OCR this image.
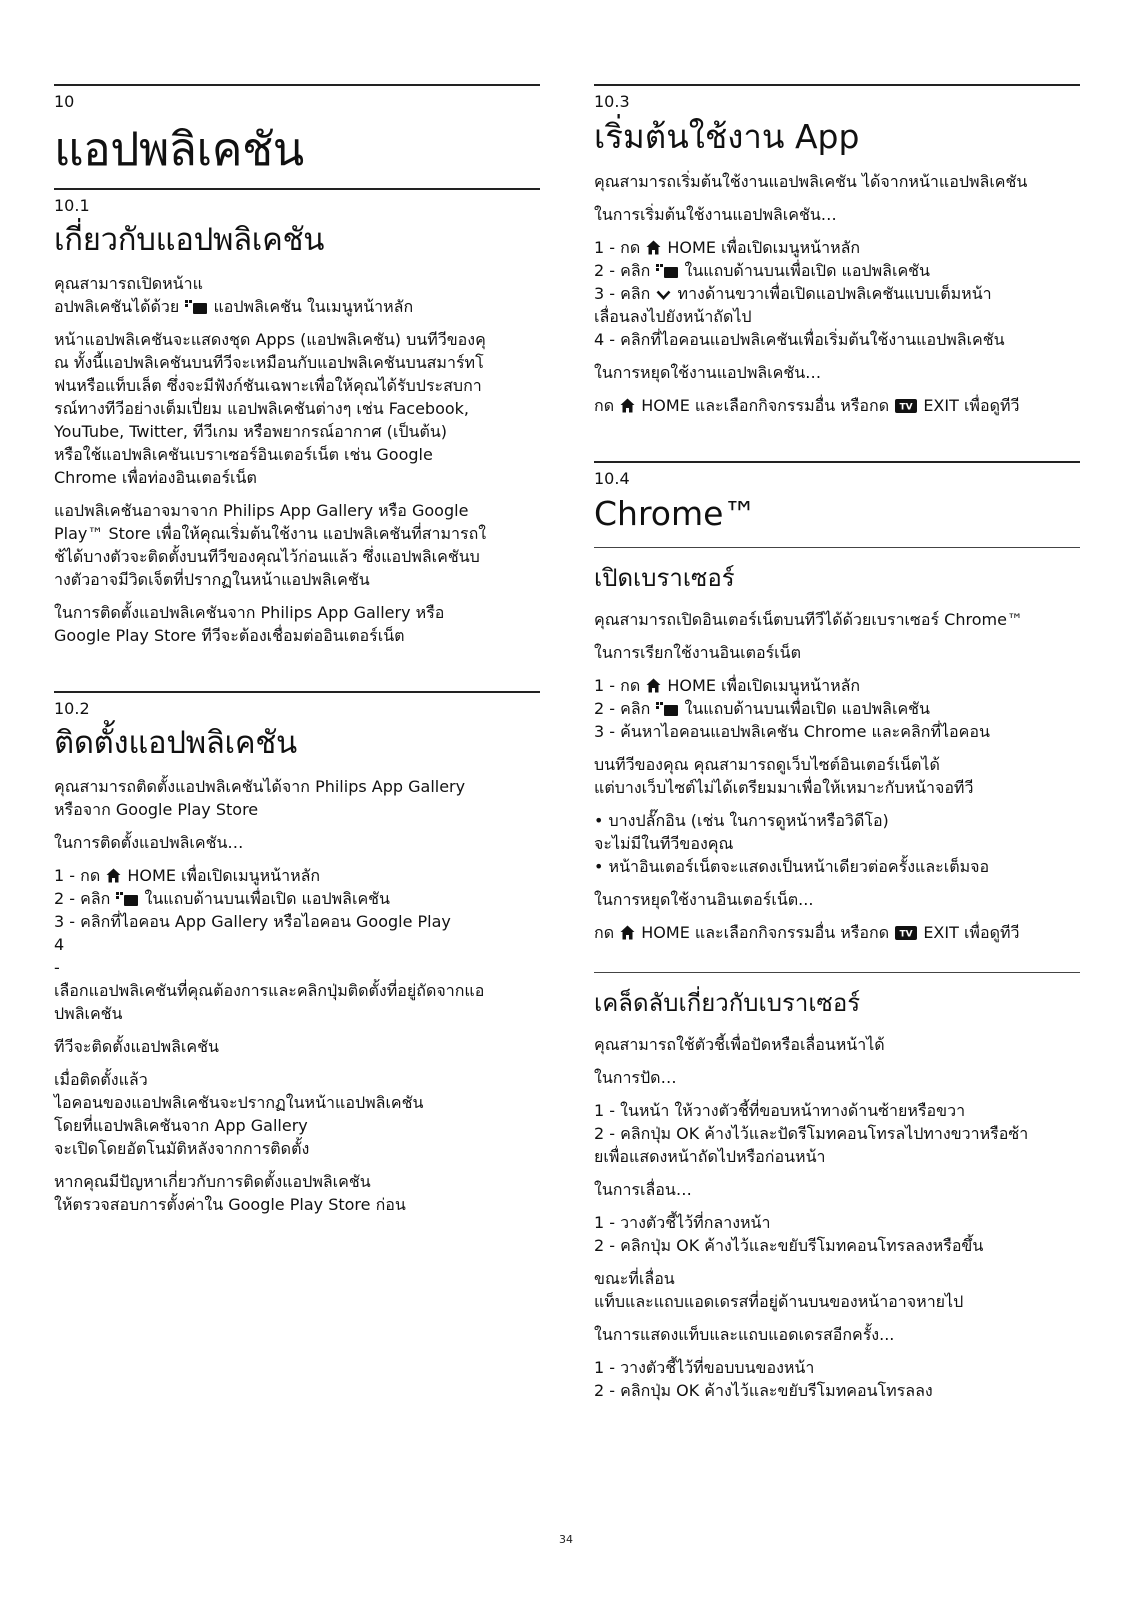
10
แอปพลิเคชัน
10.1
เกี่ยวกับแอปพลิเคชัน

คุณสามารถเปิดหน้าแ
อปพลิเคชันได้ด้วย แอปพลิเคชัน ในเมนูหน้าหลัก

หน้าแอปพลิเคชันจะแสดงชุด Apps (แอปพลิเคชัน) บนทีวีของคุ
ณ ทั้งนี้แอปพลิเคชันบนทีวีจะเหมือนกับแอปพลิเคชันบนสมาร์ทโ
ฟนหรือแท็บเล็ต ซึ่งจะมีฟังก์ชันเฉพาะเพื่อให้คุณได้รับประสบกา
รณ์ทางทีวีอย่างเต็มเปี่ยม แอปพลิเคชันต่างๆ เช่น Facebook,
YouTube, Twitter, ทีวีเกม หรือพยากรณ์อากาศ (เป็นต้น)
หรือใช้แอปพลิเคชันเบราเซอร์อินเตอร์เน็ต เช่น Google
Chrome เพื่อท่องอินเตอร์เน็ต

แอปพลิเคชันอาจมาจาก Philips App Gallery หรือ Google
Play™ Store เพื่อให้คุณเริ่มต้นใช้งาน แอปพลิเคชันที่สามารถใ
ช้ได้บางตัวจะติดตั้งบนทีวีของคุณไว้ก่อนแล้ว ซึ่งแอปพลิเคชันบ
างตัวอาจมีวิดเจ็ตที่ปรากฏในหน้าแอปพลิเคชัน

ในการติดตั้งแอปพลิเคชันจาก Philips App Gallery หรือ
Google Play Store ทีวีจะต้องเชื่อมต่ออินเตอร์เน็ต

10.2
ติดตั้งแอปพลิเคชัน

คุณสามารถติดตั้งแอปพลิเคชันได้จาก Philips App Gallery
หรือจาก Google Play Store

ในการติดตั้งแอปพลิเคชัน…

1 - กด HOME เพื่อเปิดเมนูหน้าหลัก
2 - คลิก ในแถบด้านบนเพื่อเปิด แอปพลิเคชัน
3 - คลิกที่ไอคอน App Gallery หรือไอคอน Google Play
4
-
เลือกแอปพลิเคชันที่คุณต้องการและคลิกปุ่มติดตั้งที่อยู่ถัดจากแอ
ปพลิเคชัน

ทีวีจะติดตั้งแอปพลิเคชัน

เมื่อติดตั้งแล้ว
ไอคอนของแอปพลิเคชันจะปรากฏในหน้าแอปพลิเคชัน
โดยที่แอปพลิเคชันจาก App Gallery
จะเปิดโดยอัตโนมัติหลังจากการติดตั้ง

หากคุณมีปัญหาเกี่ยวกับการติดตั้งแอปพลิเคชัน
ให้ตรวจสอบการตั้งค่าใน Google Play Store ก่อน

10.3
เริ่มต้นใช้งาน App

คุณสามารถเริ่มต้นใช้งานแอปพลิเคชัน ได้จากหน้าแอปพลิเคชัน

ในการเริ่มต้นใช้งานแอปพลิเคชัน…

1 - กด HOME เพื่อเปิดเมนูหน้าหลัก
2 - คลิก ในแถบด้านบนเพื่อเปิด แอปพลิเคชัน
3 - คลิก ทางด้านขวาเพื่อเปิดแอปพลิเคชันแบบเต็มหน้า
เลื่อนลงไปยังหน้าถัดไป
4 - คลิกที่ไอคอนแอปพลิเคชันเพื่อเริ่มต้นใช้งานแอปพลิเคชัน

ในการหยุดใช้งานแอปพลิเคชัน…

กด HOME และเลือกกิจกรรมอื่น หรือกด TV EXIT เพื่อดูทีวี

10.4
Chrome™
เปิดเบราเซอร์

คุณสามารถเปิดอินเตอร์เน็ตบนทีวีได้ด้วยเบราเซอร์ Chrome™

ในการเรียกใช้งานอินเตอร์เน็ต

1 - กด HOME เพื่อเปิดเมนูหน้าหลัก
2 - คลิก ในแถบด้านบนเพื่อเปิด แอปพลิเคชัน
3 - ค้นหาไอคอนแอปพลิเคชัน Chrome และคลิกที่ไอคอน

บนทีวีของคุณ คุณสามารถดูเว็บไซต์อินเตอร์เน็ตได้
แต่บางเว็บไซต์ไม่ได้เตรียมมาเพื่อให้เหมาะกับหน้าจอทีวี

• บางปลั๊กอิน (เช่น ในการดูหน้าหรือวิดีโอ)
จะไม่มีในทีวีของคุณ
• หน้าอินเตอร์เน็ตจะแสดงเป็นหน้าเดียวต่อครั้งและเต็มจอ

ในการหยุดใช้งานอินเตอร์เน็ต...

กด HOME และเลือกกิจกรรมอื่น หรือกด TV EXIT เพื่อดูทีวี

เคล็ดลับเกี่ยวกับเบราเซอร์

คุณสามารถใช้ตัวชี้เพื่อปัดหรือเลื่อนหน้าได้

ในการปัด…

1 - ในหน้า ให้วางตัวชี้ที่ขอบหน้าทางด้านซ้ายหรือขวา
2 - คลิกปุ่ม OK ค้างไว้และปัดรีโมทคอนโทรลไปทางขวาหรือซ้า
ยเพื่อแสดงหน้าถัดไปหรือก่อนหน้า

ในการเลื่อน…

1 - วางตัวชี้ไว้ที่กลางหน้า
2 - คลิกปุ่ม OK ค้างไว้และขยับรีโมทคอนโทรลลงหรือขึ้น

ขณะที่เลื่อน
แท็บและแถบแอดเดรสที่อยู่ด้านบนของหน้าอาจหายไป

ในการแสดงแท็บและแถบแอดเดรสอีกครั้ง...

1 - วางตัวชี้ไว้ที่ขอบบนของหน้า
2 - คลิกปุ่ม OK ค้างไว้และขยับรีโมทคอนโทรลลง

34
